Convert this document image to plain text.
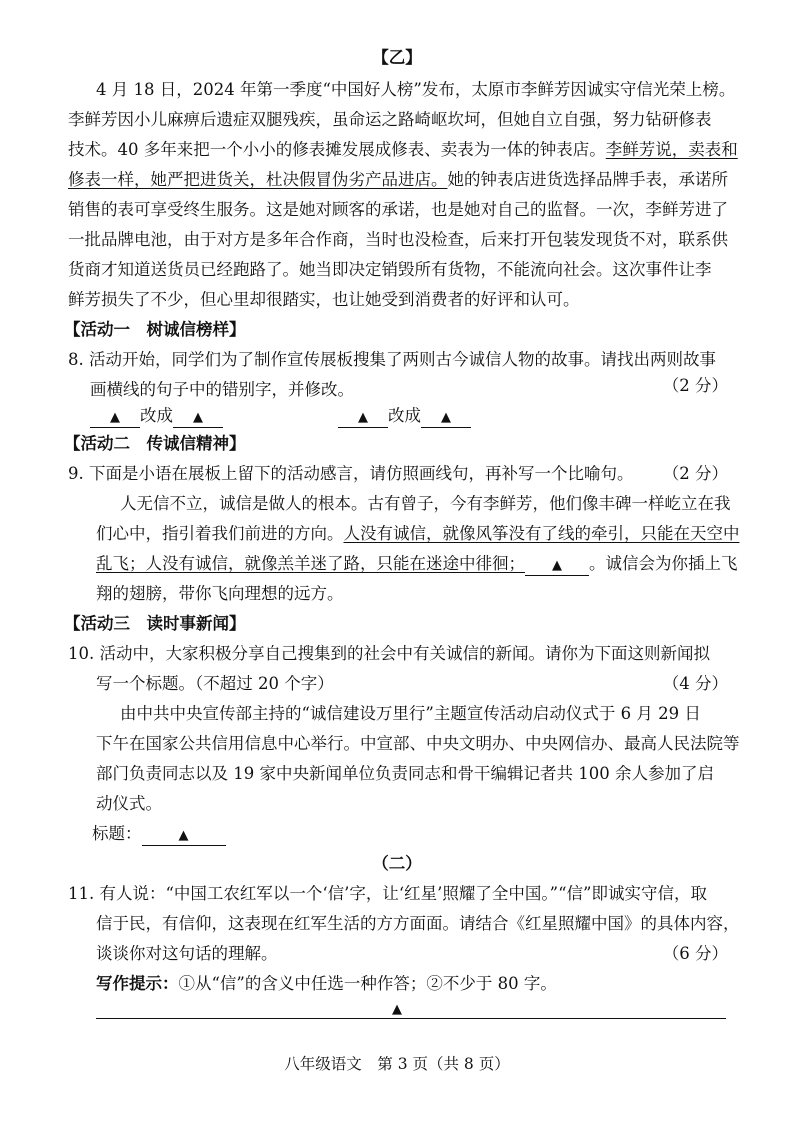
【乙】
4 月 18 日，2024 年第一季度“中国好人榜”发布，太原市李鲜芳因诚实守信光荣上榜。
李鲜芳因小儿麻痹后遗症双腿残疾，虽命运之路崎岖坎坷，但她自立自强，努力钻研修表
技术。40 多年来把一个小小的修表摊发展成修表、卖表为一体的钟表店。李鲜芳说，卖表和
修表一样，她严把进货关，杜决假冒伪劣产品进店。她的钟表店进货选择品牌手表，承诺所
销售的表可享受终生服务。这是她对顾客的承诺，也是她对自己的监督。一次，李鲜芳进了
一批品牌电池，由于对方是多年合作商，当时也没检查，后来打开包装发现货不对，联系供
货商才知道送货员已经跑路了。她当即决定销毁所有货物，不能流向社会。这次事件让李
鲜芳损失了不少，但心里却很踏实，也让她受到消费者的好评和认可。
【活动一　树诚信榜样】
8. 活动开始，同学们为了制作宣传展板搜集了两则古今诚信人物的故事。请找出两则故事
画横线的句子中的错别字，并修改。	（2 分）
▲ 改成 ▲	▲ 改成 ▲
【活动二　传诚信精神】
9. 下面是小语在展板上留下的活动感言，请仿照画线句，再补写一个比喻句。 （2 分）
人无信不立，诚信是做人的根本。古有曾子，今有李鲜芳，他们像丰碑一样屹立在我
们心中，指引着我们前进的方向。人没有诚信，就像风筝没有了线的牵引，只能在天空中
乱飞；人没有诚信，就像羔羊迷了路，只能在迷途中徘徊； ▲ 。诚信会为你插上飞
翔的翅膀，带你飞向理想的远方。
【活动三　读时事新闻】
10. 活动中，大家积极分享自己搜集到的社会中有关诚信的新闻。请你为下面这则新闻拟
写一个标题。（不超过 20 个字）	（4 分）
由中共中央宣传部主持的“诚信建设万里行”主题宣传活动启动仪式于 6 月 29 日
下午在国家公共信用信息中心举行。中宣部、中央文明办、中央网信办、最高人民法院等
部门负责同志以及 19 家中央新闻单位负责同志和骨干编辑记者共 100 余人参加了启
动仪式。
标题：	▲
（二）
11. 有人说：“中国工农红军以一个‘信’字，让‘红星’照耀了全中国。”“信”即诚实守信，取
信于民，有信仰，这表现在红军生活的方方面面。请结合《红星照耀中国》的具体内容，
谈谈你对这句话的理解。	（6 分）
写作提示：①从“信”的含义中任选一种作答；②不少于 80 字。
▲
八年级语文　第 3 页（共 8 页）
